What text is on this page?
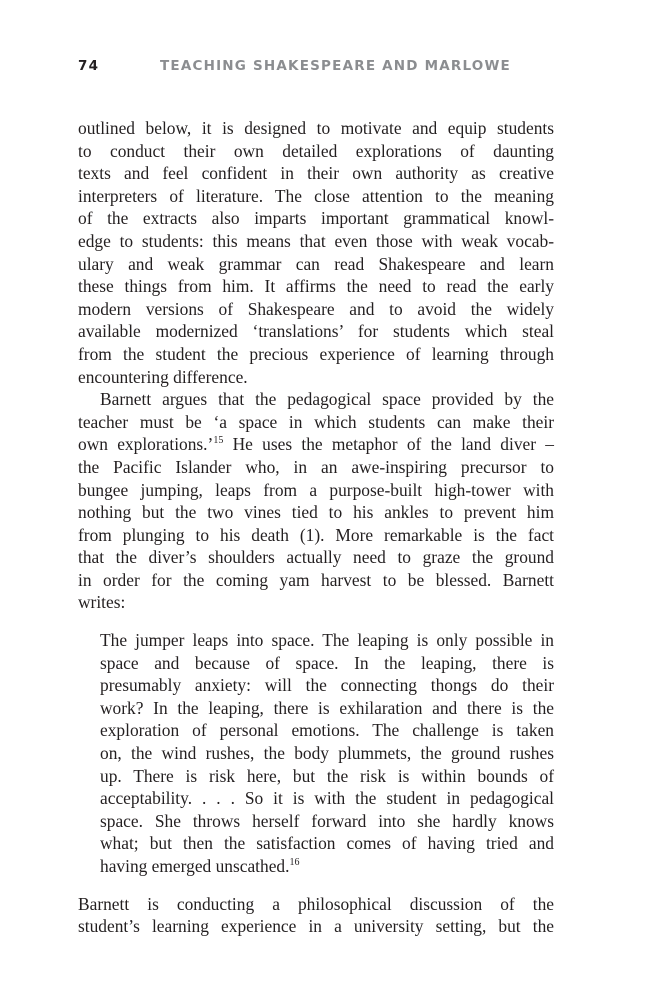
74	TEACHING SHAKESPEARE AND MARLOWE
outlined below, it is designed to motivate and equip students
to conduct their own detailed explorations of daunting
texts and feel confident in their own authority as creative
interpreters of literature. The close attention to the meaning
of the extracts also imparts important grammatical knowl-
edge to students: this means that even those with weak vocab-
ulary and weak grammar can read Shakespeare and learn
these things from him. It affirms the need to read the early
modern versions of Shakespeare and to avoid the widely
available modernized ‘translations’ for students which steal
from the student the precious experience of learning through
encountering difference.
Barnett argues that the pedagogical space provided by the
teacher must be ‘a space in which students can make their
own explorations.’$^{15}$ He uses the metaphor of the land diver –
the Pacific Islander who, in an awe-inspiring precursor to
bungee jumping, leaps from a purpose-built high-tower with
nothing but the two vines tied to his ankles to prevent him
from plunging to his death (1). More remarkable is the fact
that the diver’s shoulders actually need to graze the ground
in order for the coming yam harvest to be blessed. Barnett
writes:
The jumper leaps into space. The leaping is only possible in
space and because of space. In the leaping, there is
presumably anxiety: will the connecting thongs do their
work? In the leaping, there is exhilaration and there is the
exploration of personal emotions. The challenge is taken
on, the wind rushes, the body plummets, the ground rushes
up. There is risk here, but the risk is within bounds of
acceptability. . . . So it is with the student in pedagogical
space. She throws herself forward into she hardly knows
what; but then the satisfaction comes of having tried and
having emerged unscathed.$^{16}$
Barnett is conducting a philosophical discussion of the
student’s learning experience in a university setting, but the
